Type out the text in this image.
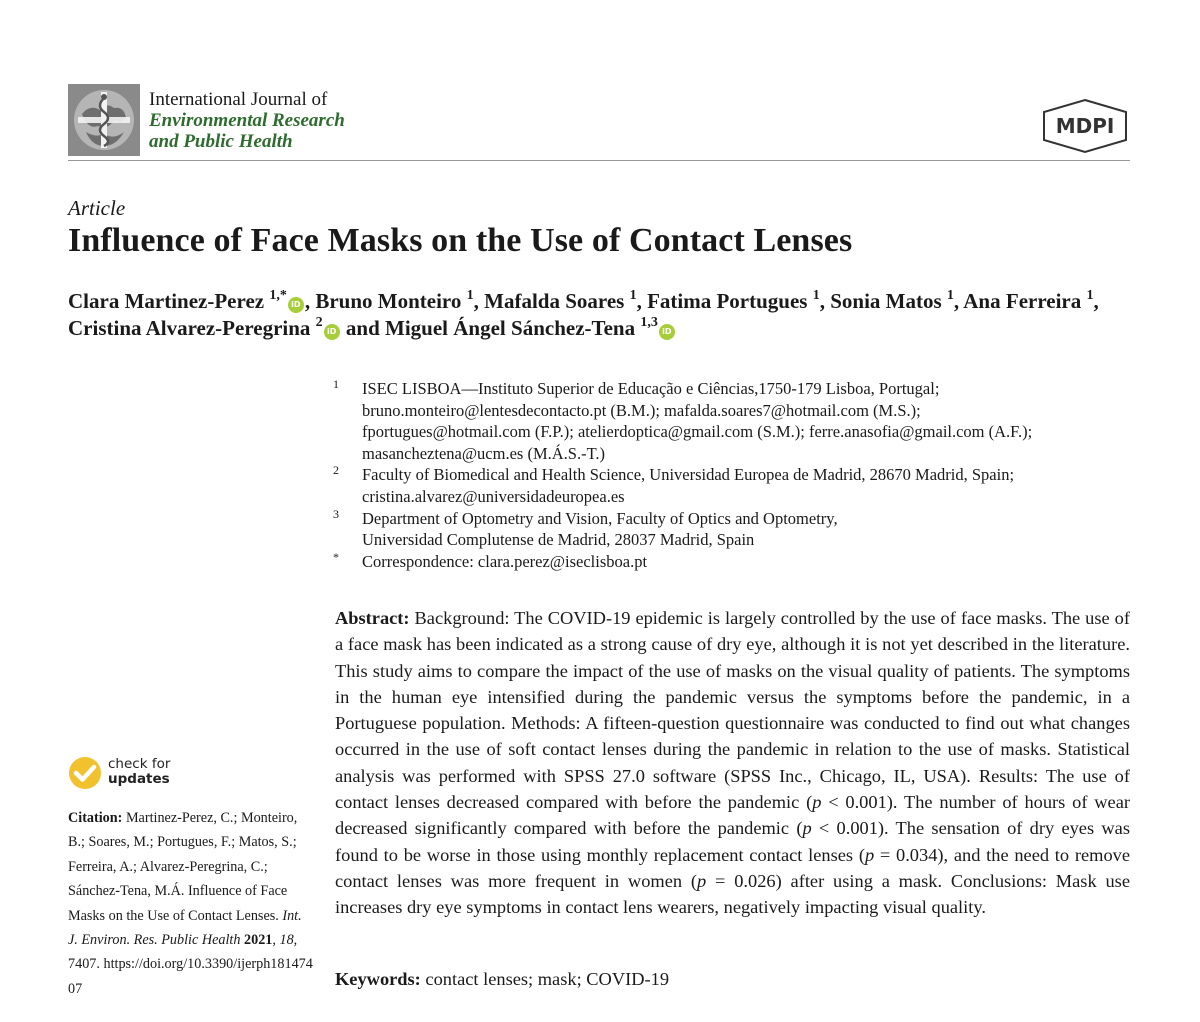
International Journal of
Environmental Research
and Public Health
MDPI
Article
Influence of Face Masks on the Use of Contact Lenses
Clara Martinez-Perez $^{1,*}$iD , Bruno Monteiro $^1$, Mafalda Soares $^1$, Fatima Portugues $^1$, Sonia Matos $^1$, Ana Ferreira $^1$,
Cristina Alvarez-Peregrina $^2$iD and Miguel Ángel Sánchez-Tena $^{1,3}$iD
1 ISEC LISBOA—Instituto Superior de Educação e Ciências,1750-179 Lisboa, Portugal;
bruno.monteiro@lentesdecontacto.pt (B.M.); mafalda.soares7@hotmail.com (M.S.);
fportugues@hotmail.com (F.P.); atelierdoptica@gmail.com (S.M.); ferre.anasofia@gmail.com (A.F.);
masancheztena@ucm.es (M.Á.S.-T.)
2 Faculty of Biomedical and Health Science, Universidad Europea de Madrid, 28670 Madrid, Spain;
cristina.alvarez@universidadeuropea.es
3 Department of Optometry and Vision, Faculty of Optics and Optometry,
Universidad Complutense de Madrid, 28037 Madrid, Spain
* Correspondence: clara.perez@iseclisboa.pt
check for
updates
Citation: Martinez-Perez, C.; Monteiro, B.; Soares, M.; Portugues, F.; Matos, S.; Ferreira, A.; Alvarez-Peregrina, C.; Sánchez-Tena, M.Á. Influence of Face Masks on the Use of Contact Lenses. Int. J. Environ. Res. Public Health 2021, 18, 7407. https://doi.org/10.3390/ijerph18147407
Abstract: Background: The COVID-19 epidemic is largely controlled by the use of face masks. The use of a face mask has been indicated as a strong cause of dry eye, although it is not yet described in the literature. This study aims to compare the impact of the use of masks on the visual quality of patients. The symptoms in the human eye intensified during the pandemic versus the symptoms before the pandemic, in a Portuguese population. Methods: A fifteen-question questionnaire was conducted to find out what changes occurred in the use of soft contact lenses during the pandemic in relation to the use of masks. Statistical analysis was performed with SPSS 27.0 software (SPSS Inc., Chicago, IL, USA). Results: The use of contact lenses decreased compared with before the pandemic (p < 0.001). The number of hours of wear decreased significantly compared with before the pandemic (p < 0.001). The sensation of dry eyes was found to be worse in those using monthly replacement contact lenses (p = 0.034), and the need to remove contact lenses was more frequent in women (p = 0.026) after using a mask. Conclusions: Mask use increases dry eye symptoms in contact lens wearers, negatively impacting visual quality.
Keywords: contact lenses; mask; COVID-19
